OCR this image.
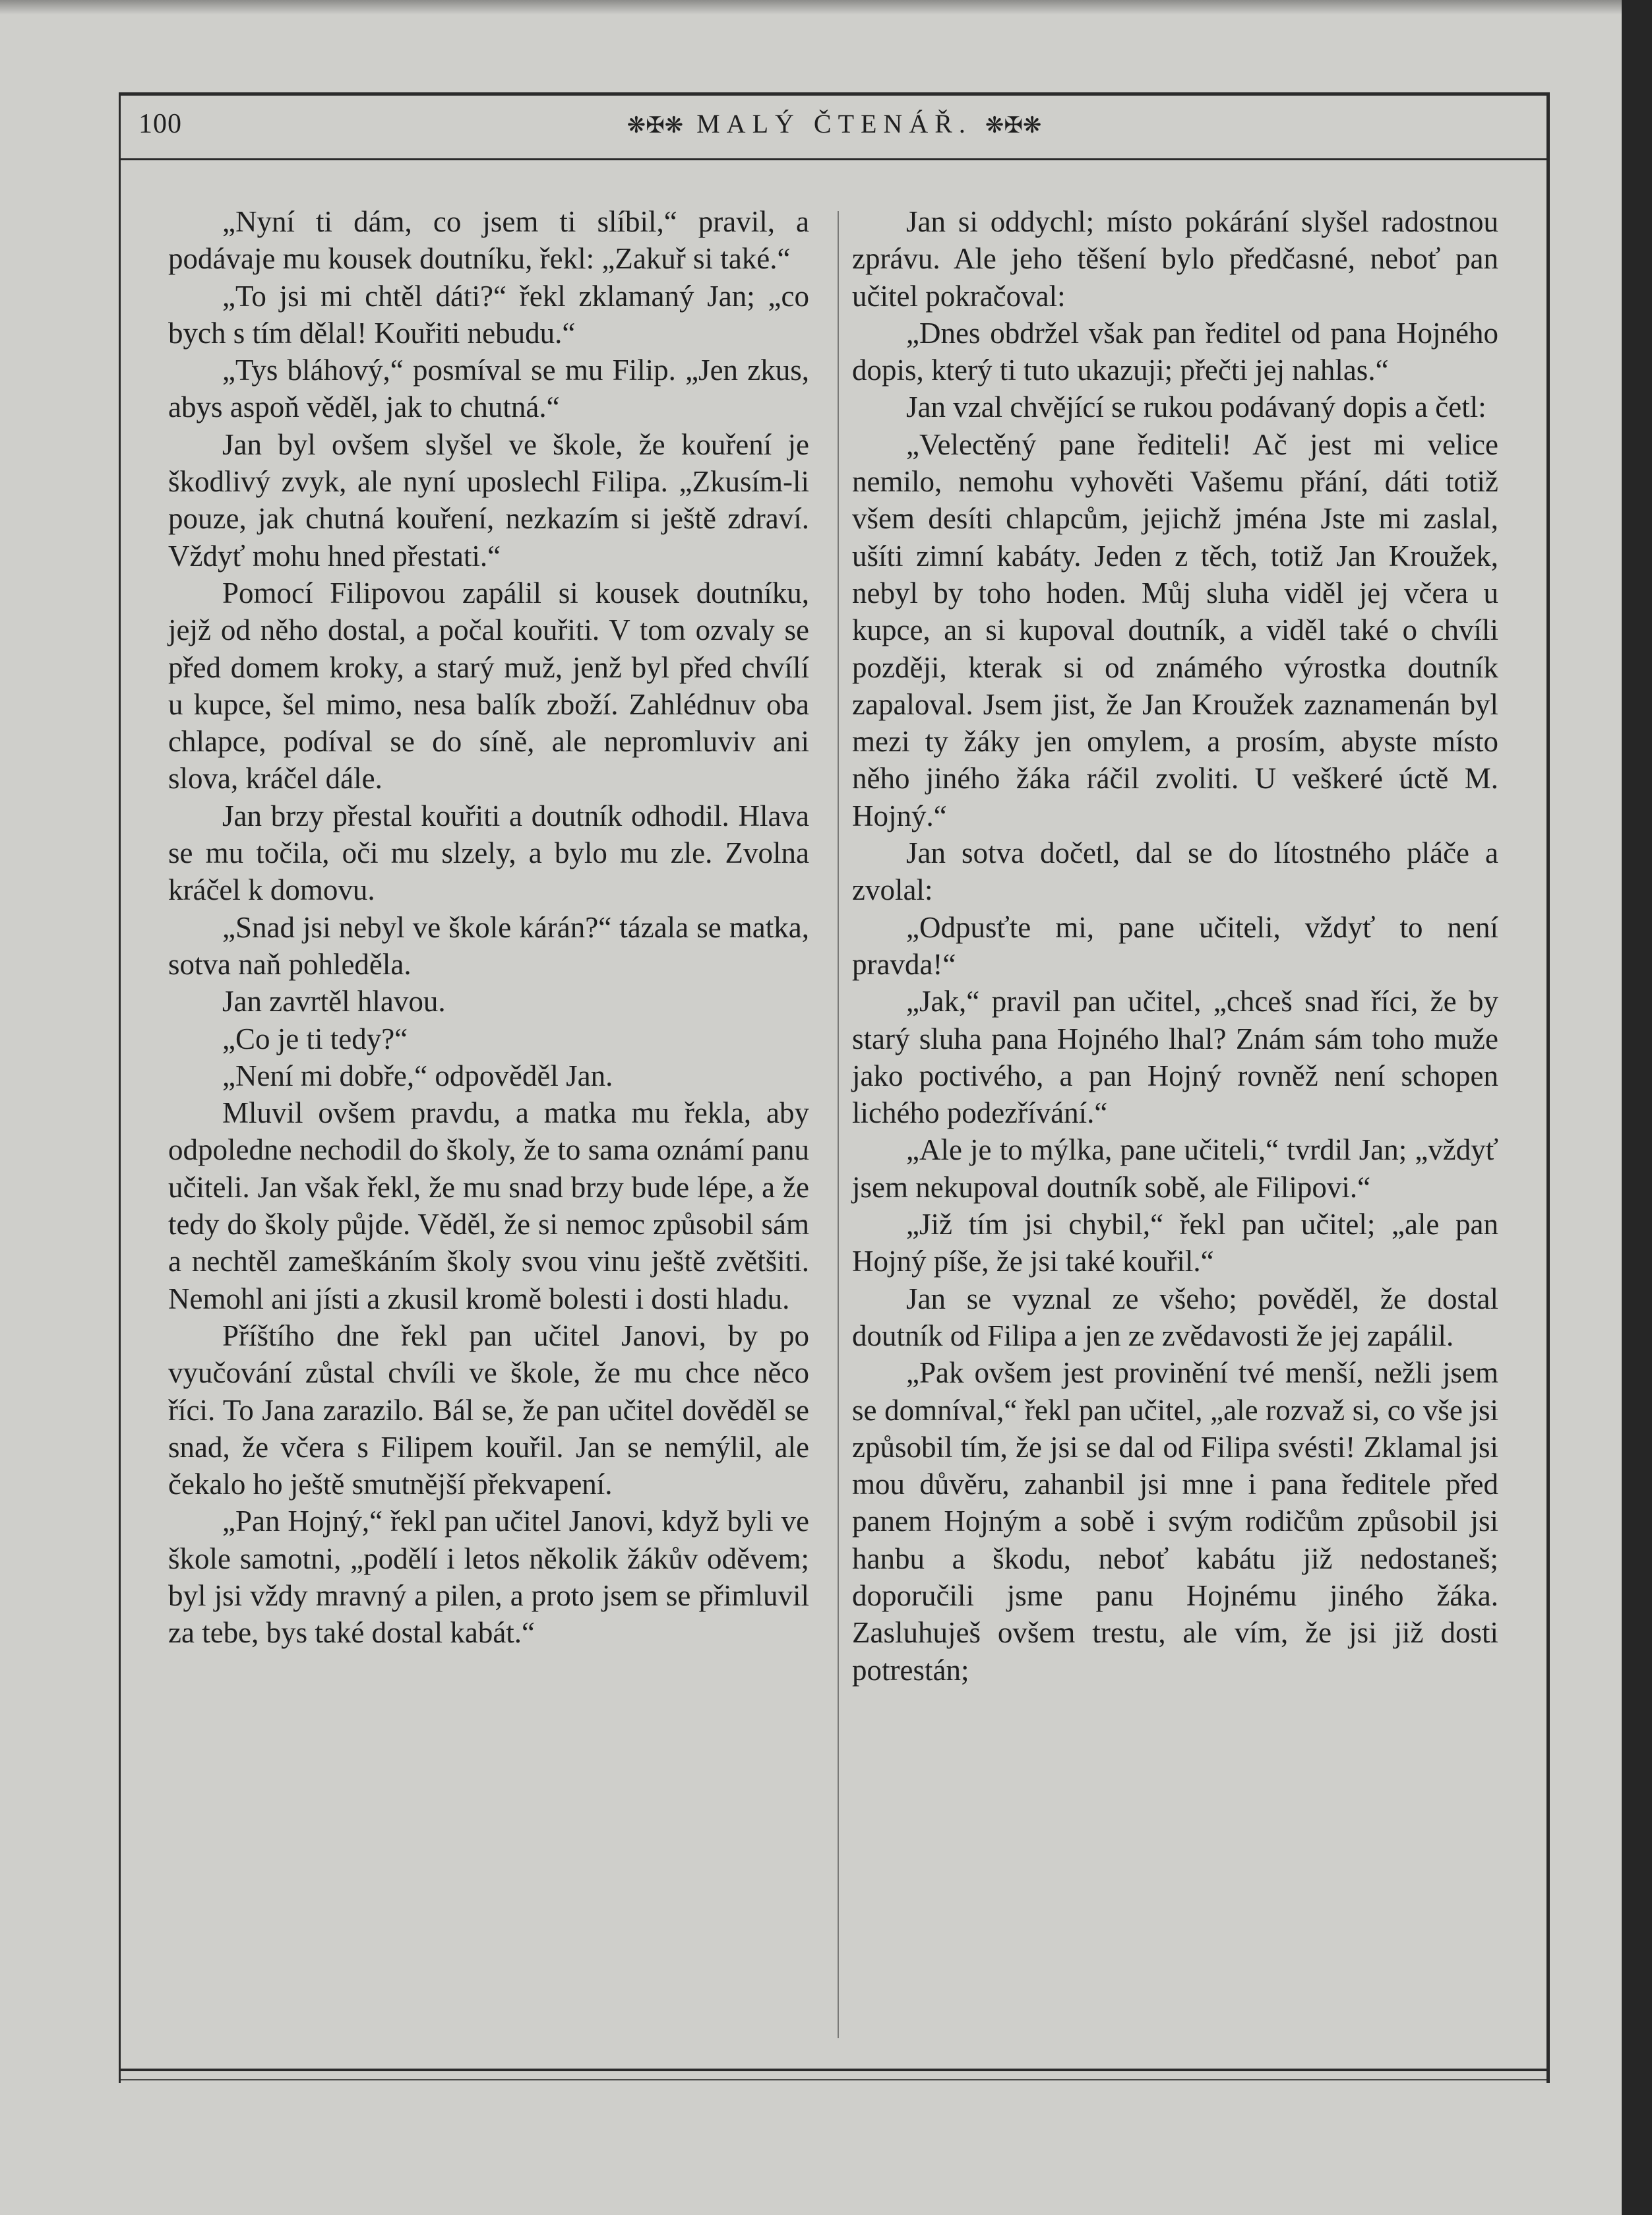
100	❋✠❋ MALÝ ČTENÁŘ. ❋✠❋

„Nyní ti dám, co jsem ti slíbil,“ pravil, a podávaje mu kousek doutníku, řekl: „Zakuř si také.“

„To jsi mi chtěl dáti?“ řekl zklamaný Jan; „co bych s tím dělal! Kouřiti nebudu.“

„Tys bláhový,“ posmíval se mu Filip. „Jen zkus, abys aspoň věděl, jak to chutná.“

Jan byl ovšem slyšel ve škole, že kouření je škodlivý zvyk, ale nyní uposlechl Filipa. „Zkusím-li pouze, jak chutná kouření, nezkazím si ještě zdraví. Vždyť mohu hned přestati.“

Pomocí Filipovou zapálil si kousek doutníku, jejž od něho dostal, a počal kouřiti. V tom ozvaly se před domem kroky, a starý muž, jenž byl před chvílí u kupce, šel mimo, nesa balík zboží. Zahlédnuv oba chlapce, podíval se do síně, ale nepromluviv ani slova, kráčel dále.

Jan brzy přestal kouřiti a doutník odhodil. Hlava se mu točila, oči mu slzely, a bylo mu zle. Zvolna kráčel k domovu.

„Snad jsi nebyl ve škole kárán?“ tázala se matka, sotva naň pohleděla.

Jan zavrtěl hlavou.

„Co je ti tedy?“

„Není mi dobře,“ odpověděl Jan.

Mluvil ovšem pravdu, a matka mu řekla, aby odpoledne nechodil do školy, že to sama oznámí panu učiteli. Jan však řekl, že mu snad brzy bude lépe, a že tedy do školy půjde. Věděl, že si nemoc způsobil sám a nechtěl zameškáním školy svou vinu ještě zvětšiti. Nemohl ani jísti a zkusil kromě bolesti i dosti hladu.

Příštího dne řekl pan učitel Janovi, by po vyučování zůstal chvíli ve škole, že mu chce něco říci. To Jana zarazilo. Bál se, že pan učitel dověděl se snad, že včera s Filipem kouřil. Jan se nemýlil, ale čekalo ho ještě smutnější překvapení.

„Pan Hojný,“ řekl pan učitel Janovi, když byli ve škole samotni, „podělí i letos několik žákův oděvem; byl jsi vždy mravný a pilen, a proto jsem se přimluvil za tebe, bys také dostal kabát.“

Jan si oddychl; místo pokárání slyšel radostnou zprávu. Ale jeho těšení bylo předčasné, neboť pan učitel pokračoval:

„Dnes obdržel však pan ředitel od pana Hojného dopis, který ti tuto ukazuji; přečti jej nahlas.“

Jan vzal chvějící se rukou podávaný dopis a četl:

„Velectěný pane řediteli! Ač jest mi velice nemilo, nemohu vyhověti Vašemu přání, dáti totiž všem desíti chlapcům, jejichž jména Jste mi zaslal, ušíti zimní kabáty. Jeden z těch, totiž Jan Kroužek, nebyl by toho hoden. Můj sluha viděl jej včera u kupce, an si kupoval doutník, a viděl také o chvíli později, kterak si od známého výrostka doutník zapaloval. Jsem jist, že Jan Kroužek zaznamenán byl mezi ty žáky jen omylem, a prosím, abyste místo něho jiného žáka ráčil zvoliti. U veškeré úctě M. Hojný.“

Jan sotva dočetl, dal se do lítostného pláče a zvolal:

„Odpusťte mi, pane učiteli, vždyť to není pravda!“

„Jak,“ pravil pan učitel, „chceš snad říci, že by starý sluha pana Hojného lhal? Znám sám toho muže jako poctivého, a pan Hojný rovněž není schopen lichého podezřívání.“

„Ale je to mýlka, pane učiteli,“ tvrdil Jan; „vždyť jsem nekupoval doutník sobě, ale Filipovi.“

„Již tím jsi chybil,“ řekl pan učitel; „ale pan Hojný píše, že jsi také kouřil.“

Jan se vyznal ze všeho; pověděl, že dostal doutník od Filipa a jen ze zvědavosti že jej zapálil.

„Pak ovšem jest provinění tvé menší, nežli jsem se domníval,“ řekl pan učitel, „ale rozvaž si, co vše jsi způsobil tím, že jsi se dal od Filipa svésti! Zklamal jsi mou důvěru, zahanbil jsi mne i pana ředitele před panem Hojným a sobě i svým rodičům způsobil jsi hanbu a škodu, neboť kabátu již nedostaneš; doporučili jsme panu Hojnému jiného žáka. Zasluhuješ ovšem trestu, ale vím, že jsi již dosti potrestán;
